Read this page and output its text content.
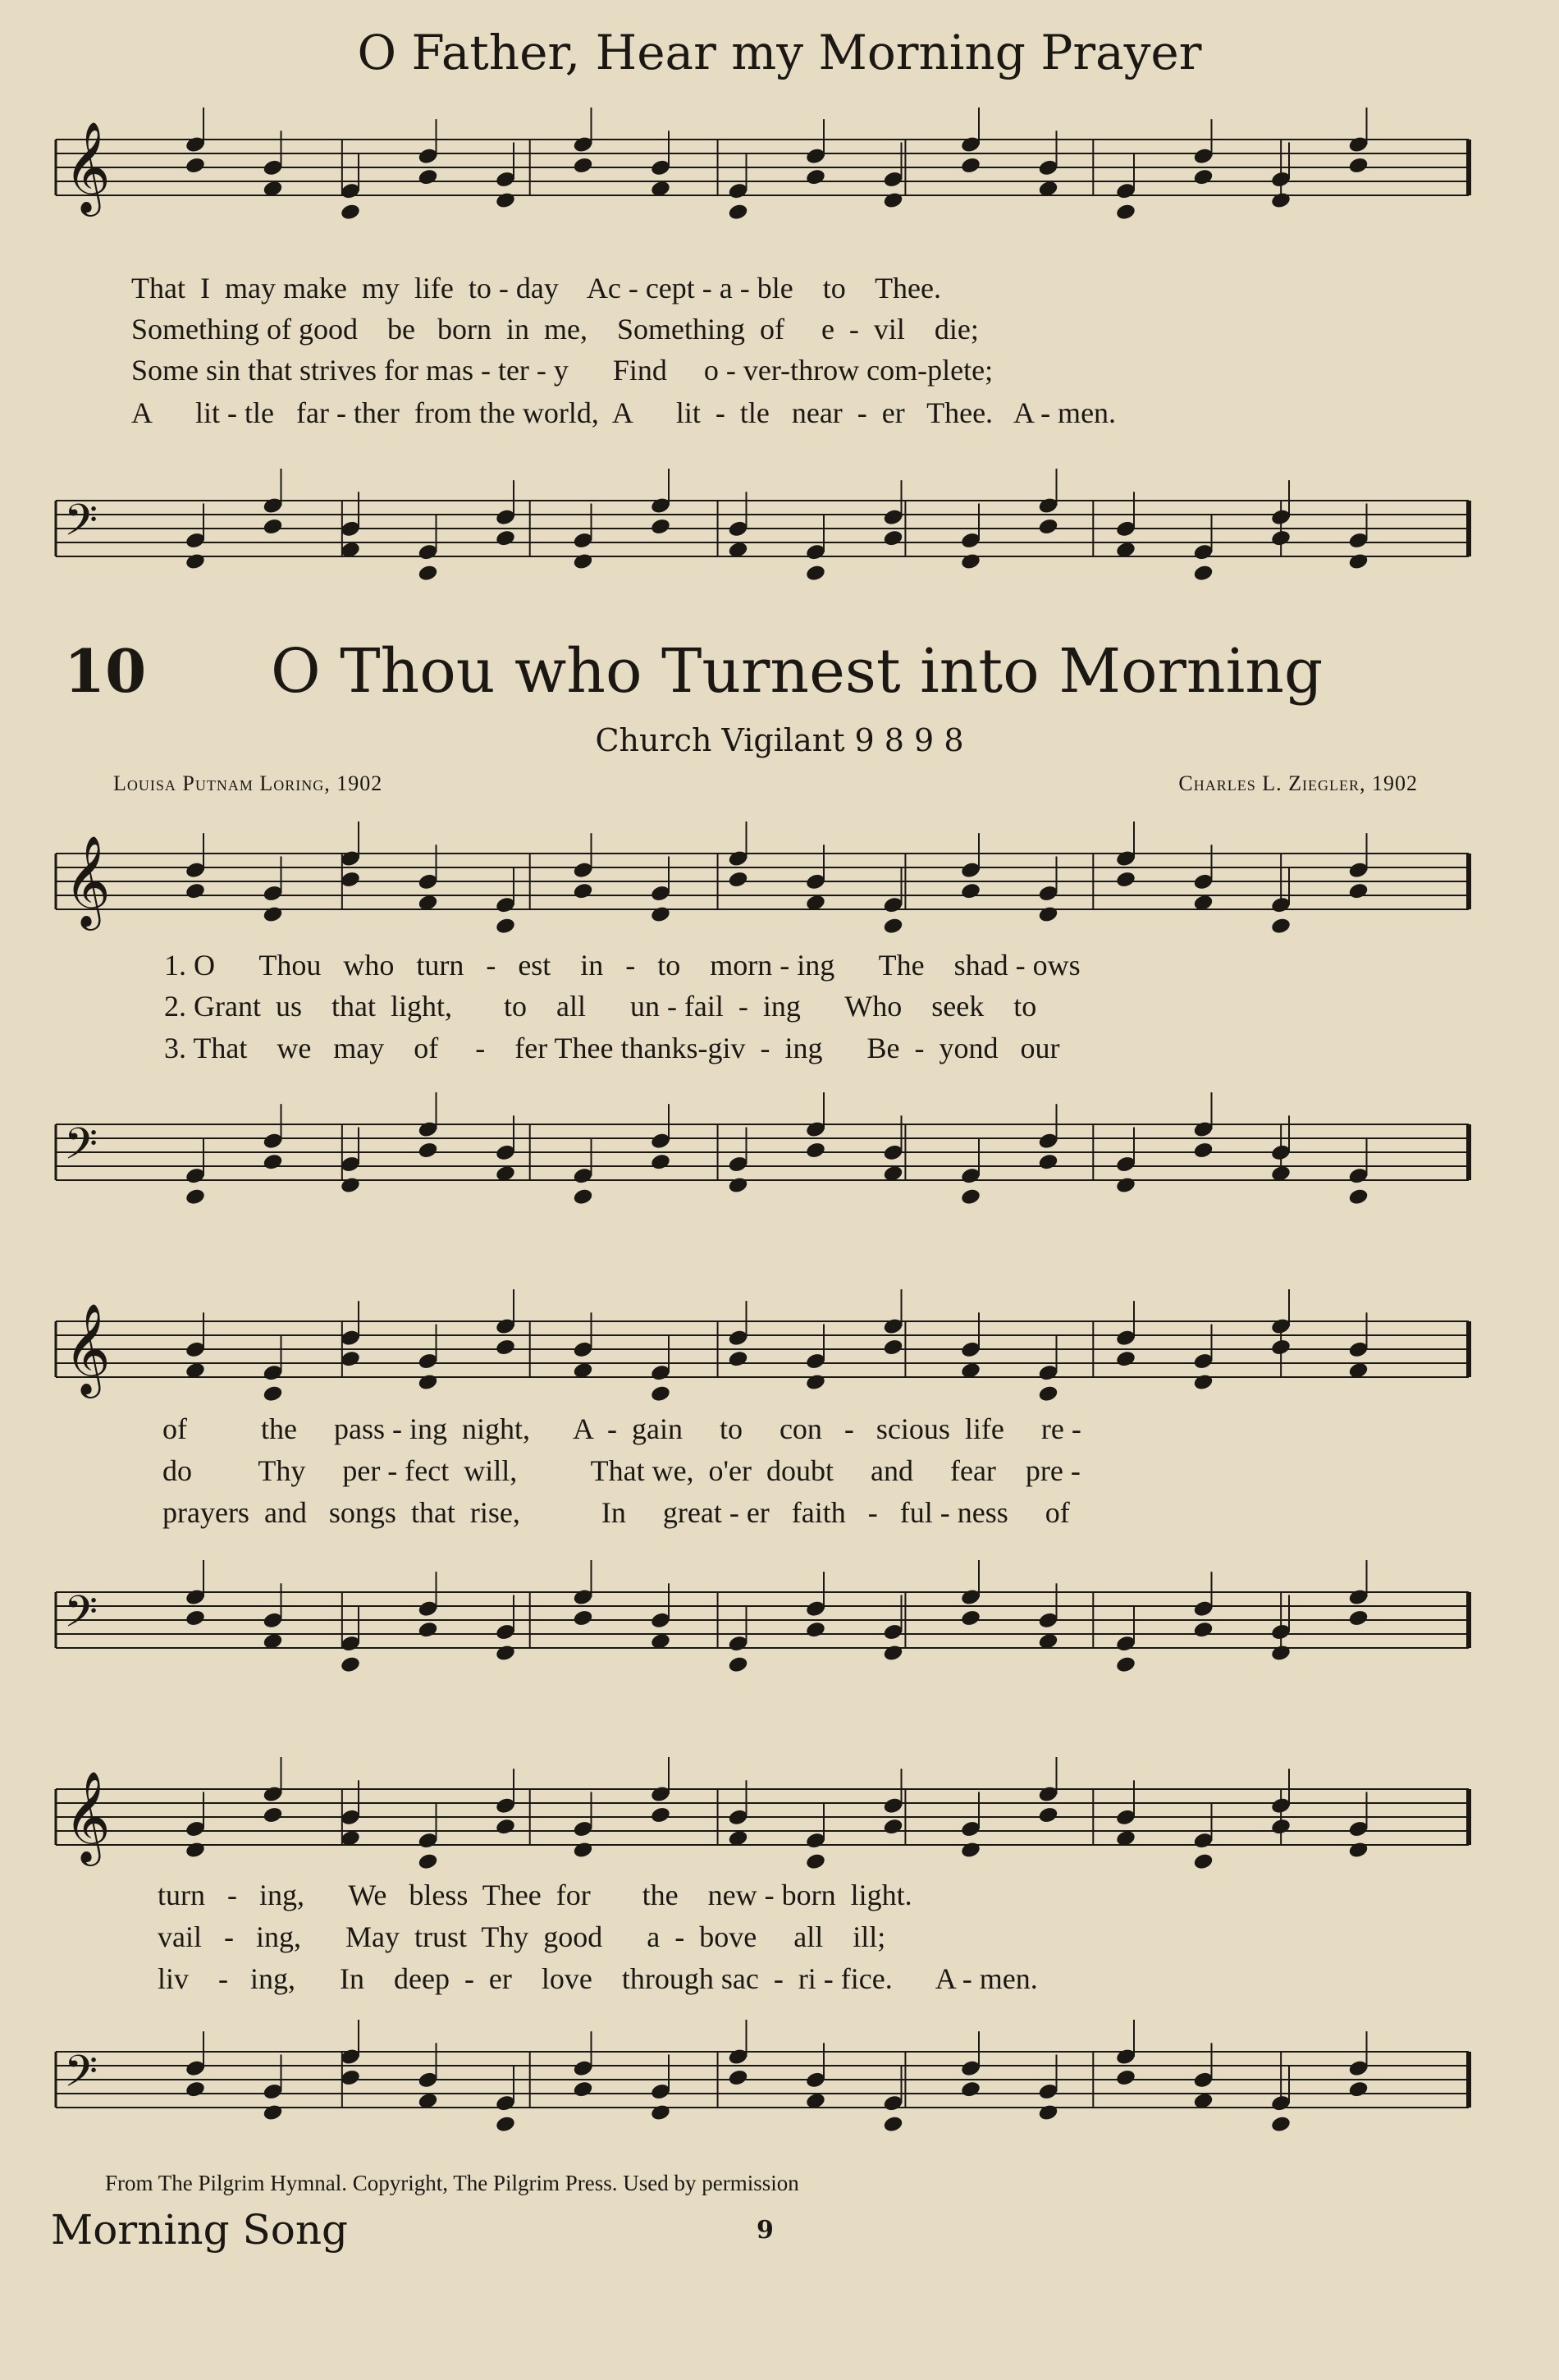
O Father, Hear my Morning Prayer
𝄞
That  I  may make  my  life  to - day    Ac - cept - a - ble    to    Thee.
Something of good    be   born  in  me,    Something  of     e  -  vil    die;
Some sin that strives for mas - ter - y      Find     o - ver-throw com-plete;
A      lit - tle   far - ther  from the world,  A      lit  -  tle   near  -  er   Thee.   A - men.
𝄢
10 O Thou who Turnest into Morning
Church Vigilant 9 8 9 8
Louisa Putnam Loring, 1902	Charles L. Ziegler, 1902
𝄞
1. O      Thou   who   turn   -   est    in   -   to    morn - ing      The    shad - ows
2. Grant  us    that  light,       to    all      un - fail  -  ing      Who    seek    to
3. That    we   may    of     -    fer Thee thanks-giv  -  ing      Be  -  yond   our
𝄢
𝄞
of          the     pass - ing  night,      A  -  gain     to     con   -   scious  life     re -
do         Thy     per - fect  will,          That we,  o'er  doubt     and     fear    pre -
prayers  and   songs  that  rise,           In     great - er   faith   -   ful - ness     of
𝄢
𝄞
turn   -   ing,      We   bless  Thee  for       the    new - born  light.
vail   -   ing,      May  trust  Thy  good      a  -  bove     all    ill;
liv    -   ing,      In    deep  -  er    love    through sac  -  ri - fice.      A - men.
𝄢
From The Pilgrim Hymnal. Copyright, The Pilgrim Press. Used by permission
Morning Song	9
